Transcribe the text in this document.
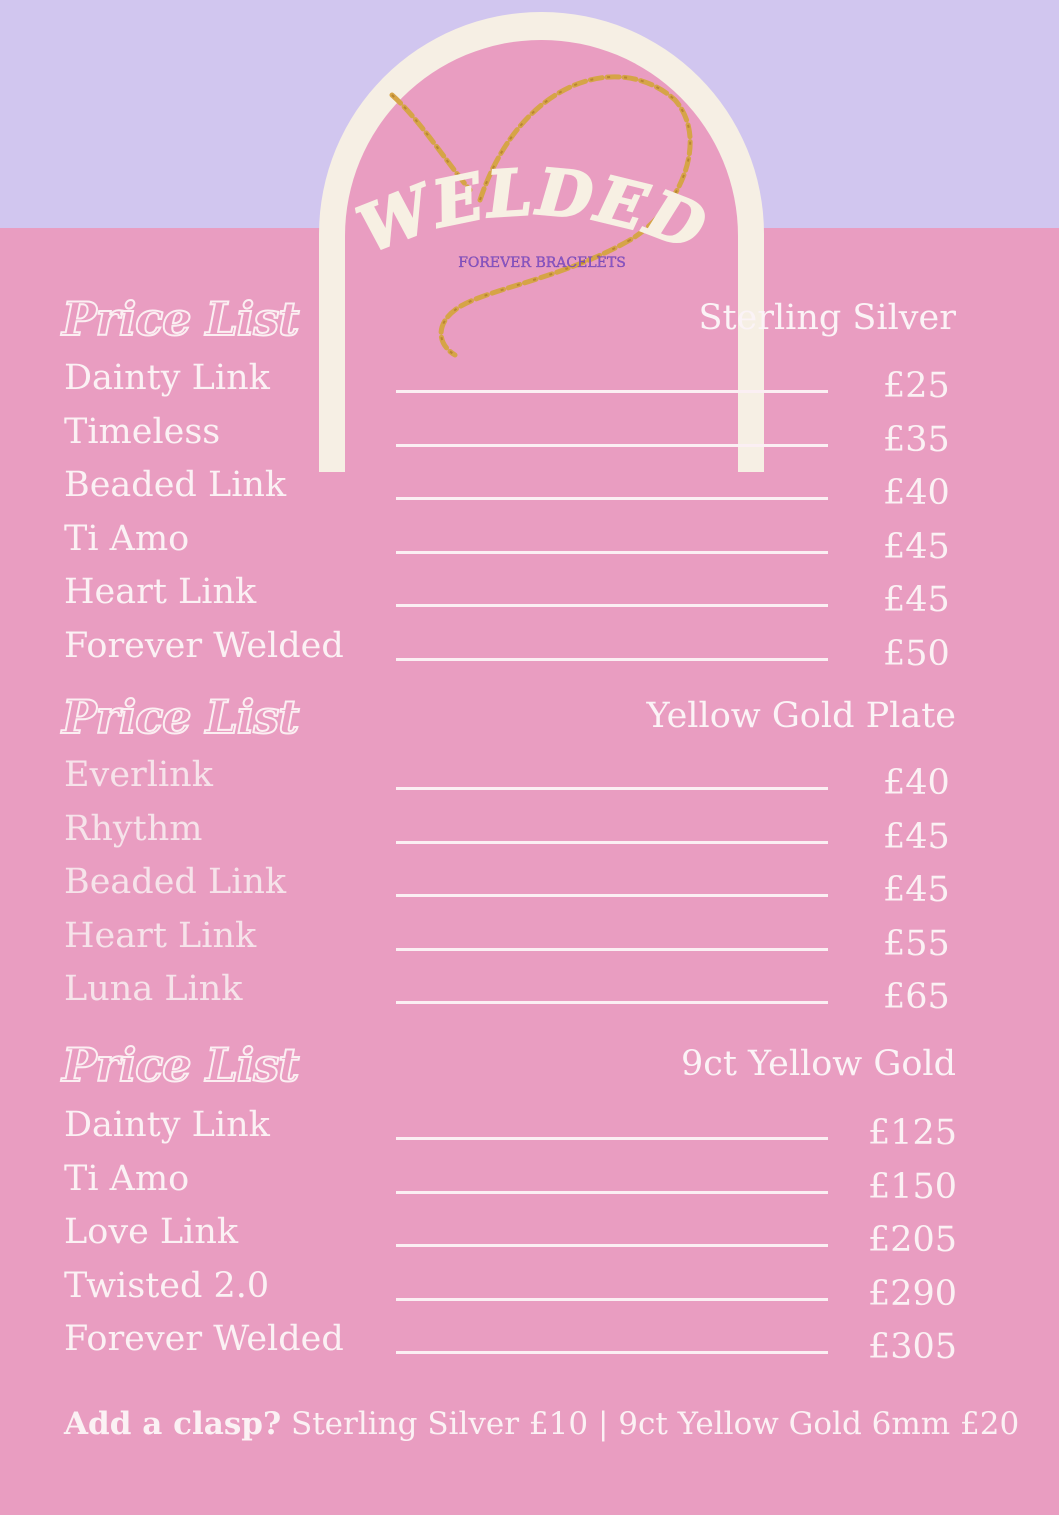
WELDED
FOREVER BRACELETS
Price List	Sterling Silver
Dainty Link	£25
Timeless	£35
Beaded Link	£40
Ti Amo	£45
Heart Link	£45
Forever Welded	£50
Price List	Yellow Gold Plate
Everlink	£40
Rhythm	£45
Beaded Link	£45
Heart Link	£55
Luna Link	£65
Price List	9ct Yellow Gold
Dainty Link	£125
Ti Amo	£150
Love Link	£205
Twisted 2.0	£290
Forever Welded	£305
Add a clasp? Sterling Silver £10 | 9ct Yellow Gold 6mm £20
